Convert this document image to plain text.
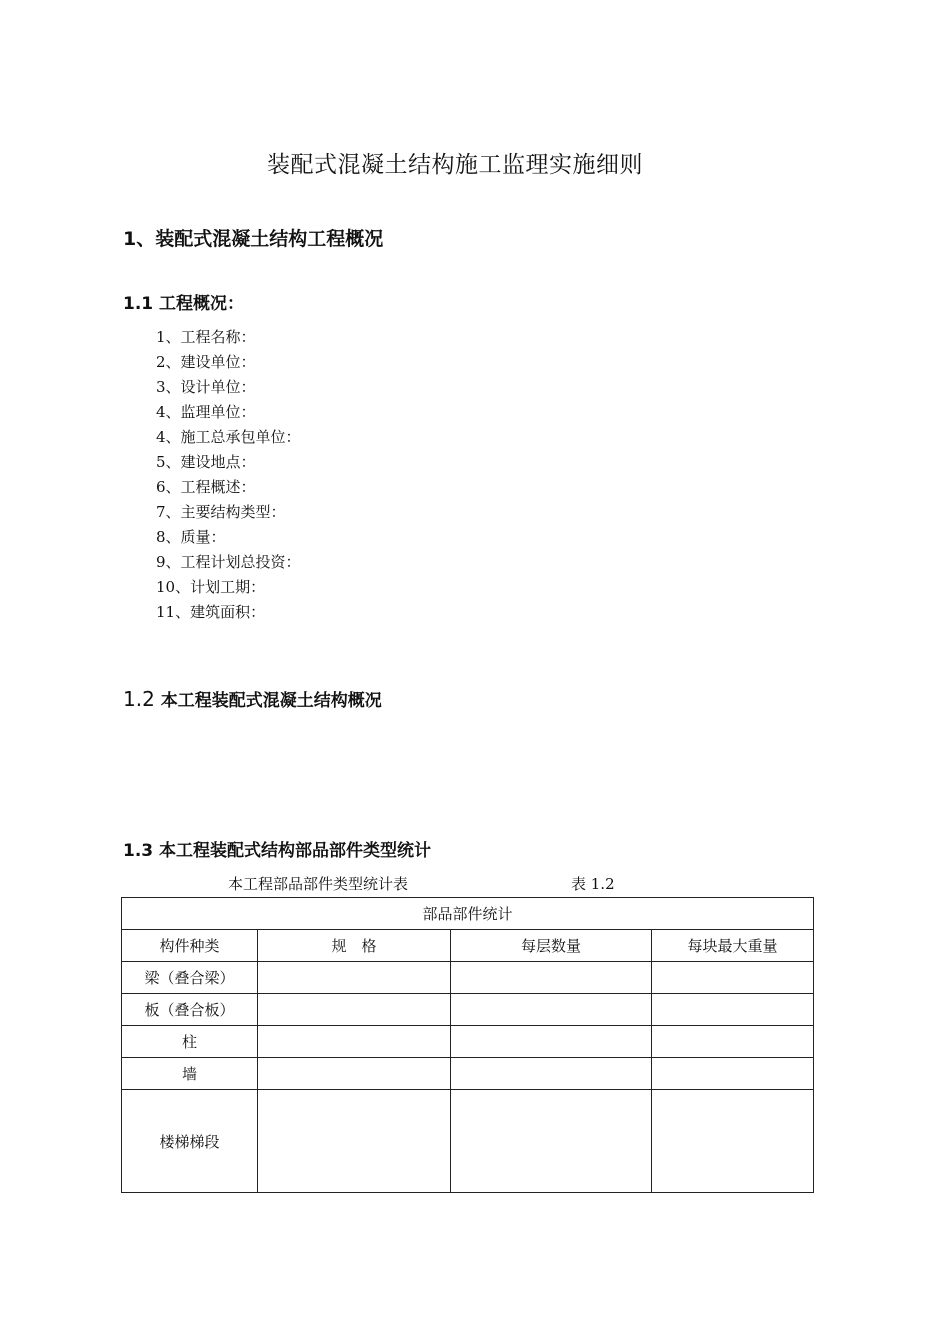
装配式混凝土结构施工监理实施细则
1、装配式混凝土结构工程概况
1.1 工程概况：
1、工程名称：
2、建设单位：
3、设计单位：
4、监理单位：
4、施工总承包单位：
5、建设地点：
6、工程概述：
7、主要结构类型：
8、质量：
9、工程计划总投资：
10、计划工期：
11、建筑面积：
1.2 本工程装配式混凝土结构概况
1.3 本工程装配式结构部品部件类型统计
本工程部品部件类型统计表	表 1.2
部品部件统计			
构件种类	规　格	每层数量	每块最大重量
梁（叠合梁）			
板（叠合板）			
柱			
墙			
楼梯梯段			
